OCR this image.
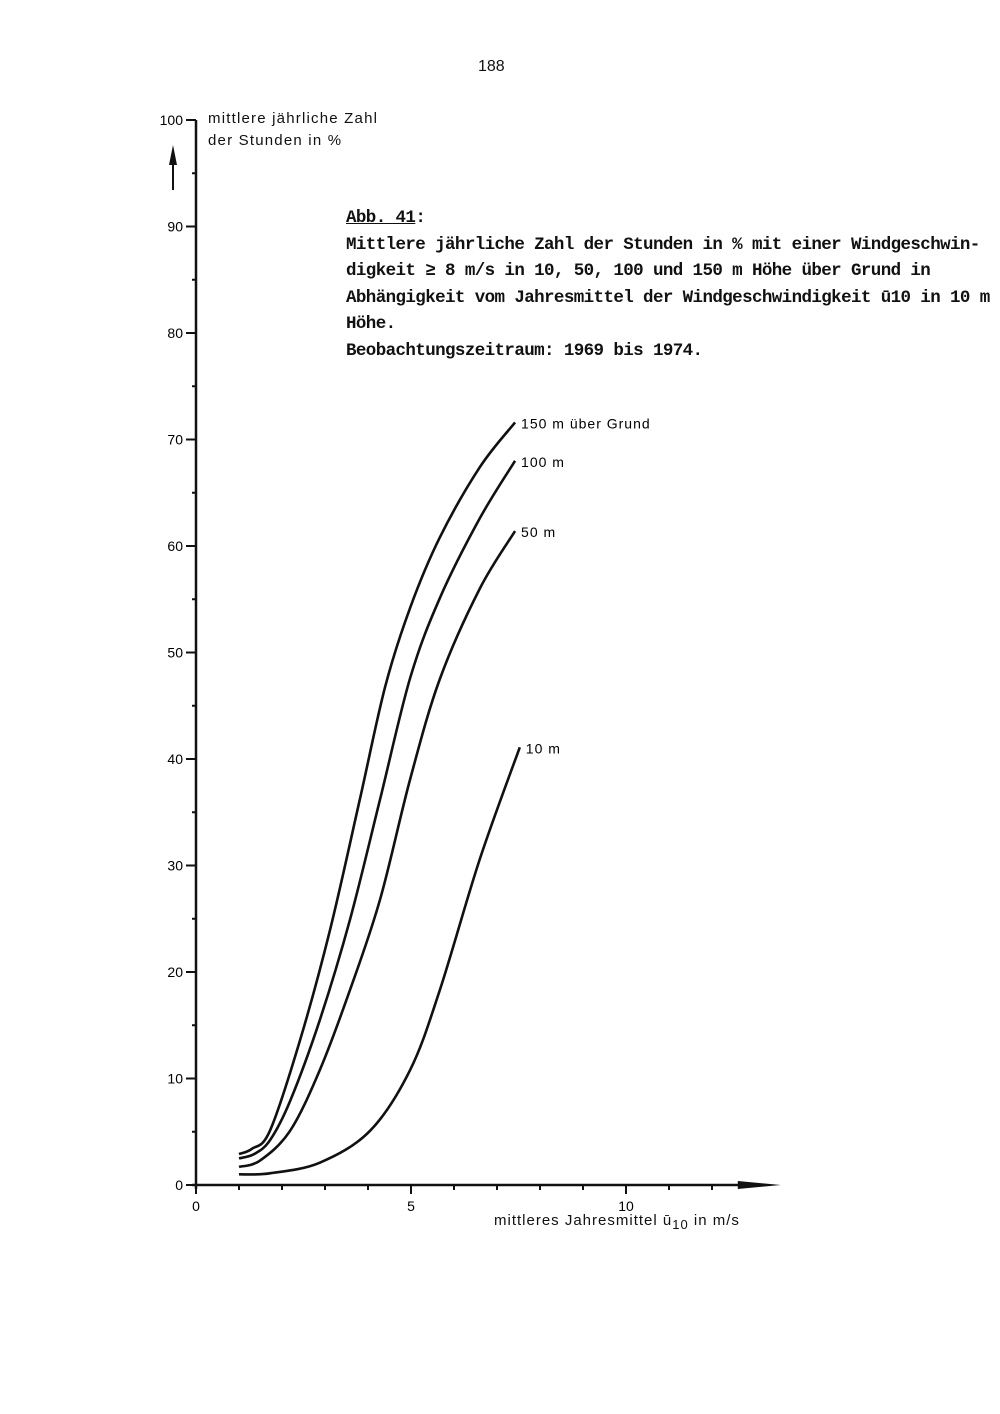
188
mittlere jährliche Zahl
der Stunden in %

Abb. 41:

Mittlere jährliche Zahl der Stunden in % mit einer Windgeschwin-

digkeit ≥ 8 m/s in 10, 50, 100 und 150 m Höhe über Grund in

Abhängigkeit vom Jahresmittel der Windgeschwindigkeit ū10 in 10 m

Höhe.

Beobachtungszeitraum: 1969 bis 1974.

mittleres Jahresmittel $ū_{10}$ in m/s
0
10
20
30
40
50
60
70
80
90
100
0	5	10
150 m über Grund
100 m
50 m
10 m
